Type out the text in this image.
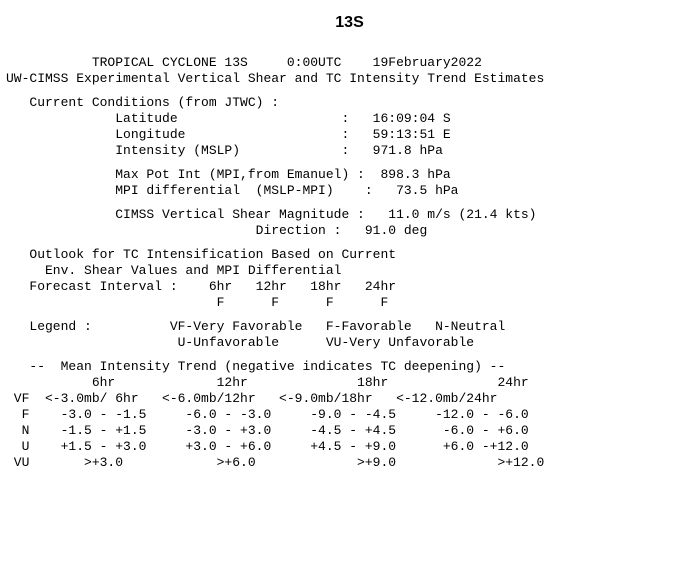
13S
TROPICAL CYCLONE 13S     0:00UTC    19February2022
UW-CIMSS Experimental Vertical Shear and TC Intensity Trend Estimates
Current Conditions (from JTWC) :
Latitude                     :   16:09:04 S
Longitude                    :   59:13:51 E
Intensity (MSLP)             :   971.8 hPa
Max Pot Int (MPI,from Emanuel) :  898.3 hPa
MPI differential  (MSLP-MPI)    :   73.5 hPa
CIMSS Vertical Shear Magnitude :   11.0 m/s (21.4 kts)
Direction :   91.0 deg
Outlook for TC Intensification Based on Current
Env. Shear Values and MPI Differential
Forecast Interval :    6hr   12hr   18hr   24hr
F      F      F      F
Legend :          VF-Very Favorable   F-Favorable   N-Neutral
U-Unfavorable      VU-Very Unfavorable
--  Mean Intensity Trend (negative indicates TC deepening) --
6hr             12hr              18hr              24hr
VF  <-3.0mb/ 6hr   <-6.0mb/12hr   <-9.0mb/18hr   <-12.0mb/24hr
F    -3.0 - -1.5     -6.0 - -3.0     -9.0 - -4.5     -12.0 - -6.0
N    -1.5 - +1.5     -3.0 - +3.0     -4.5 - +4.5      -6.0 - +6.0
U    +1.5 - +3.0     +3.0 - +6.0     +4.5 - +9.0      +6.0 -+12.0
VU       >+3.0            >+6.0             >+9.0             >+12.0
